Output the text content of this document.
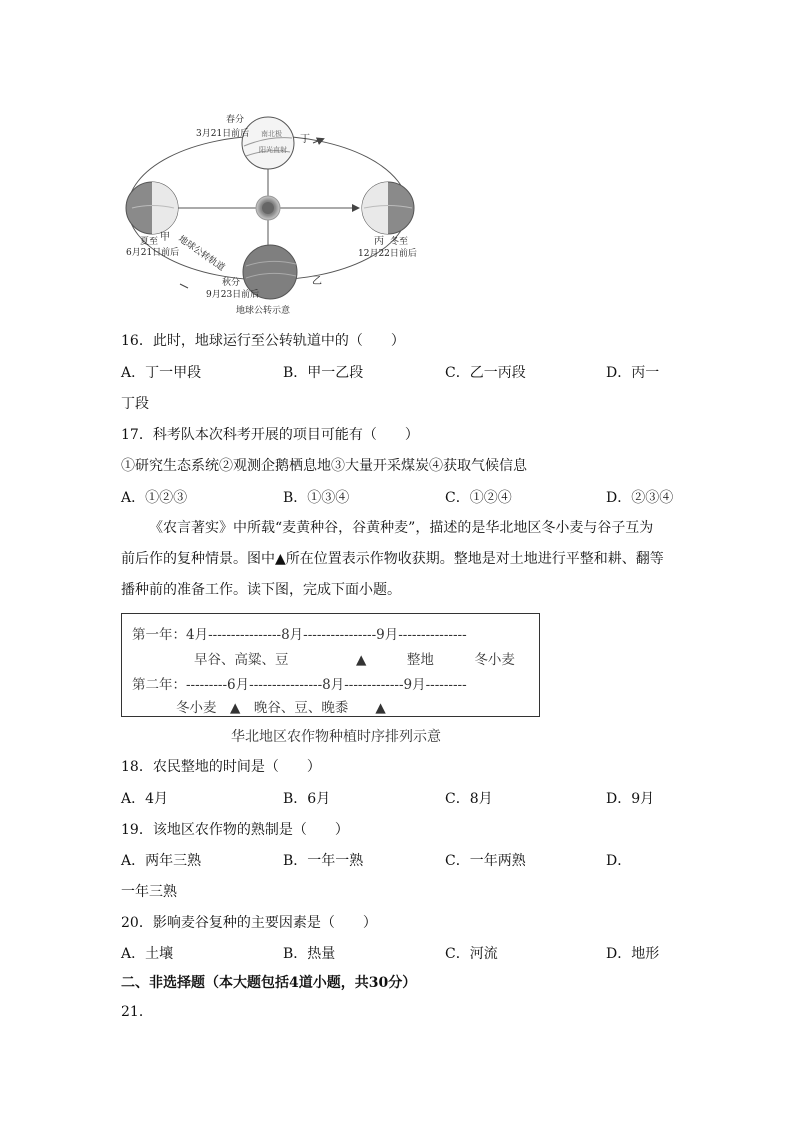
南北极
阳光直射
春分
3月21日前后	丁
夏至
6月21日前后
甲 地球公转轨道	丙 冬至
12月22日前后
乙
秋分
9月23日前后
地球公转示意
16．此时，地球运行至公转轨道中的（　　）
A．丁一甲段	B．甲一乙段	C．乙一丙段	D．丙一
丁段
17．科考队本次科考开展的项目可能有（　　）
①研究生态系统②观测企鹅栖息地③大量开采煤炭④获取气候信息
A．①②③	B．①③④	C．①②④	D．②③④
《农言著实》中所载“麦黄种谷，谷黄种麦”，描述的是华北地区冬小麦与谷子互为
前后作的复种情景。图中▲所在位置表示作物收获期。整地是对土地进行平整和耕、翻等
播种前的准备工作。读下图，完成下面小题。
第一年：4月----------------8月----------------9月---------------
早谷、高粱、豆　　　　　▲　　　整地　　　冬小麦
第二年：---------6月----------------8月-------------9月---------
冬小麦　▲　晚谷、豆、晚黍　　▲
华北地区农作物种植时序排列示意
18．农民整地的时间是（　　）
A．4月	B．6月	C．8月	D．9月
19．该地区农作物的熟制是（　　）
A．两年三熟	B．一年一熟	C．一年两熟	D．
一年三熟
20．影响麦谷复种的主要因素是（　　）
A．土壤	B．热量	C．河流	D．地形
二、非选择题（本大题包括4道小题，共30分）
21．
